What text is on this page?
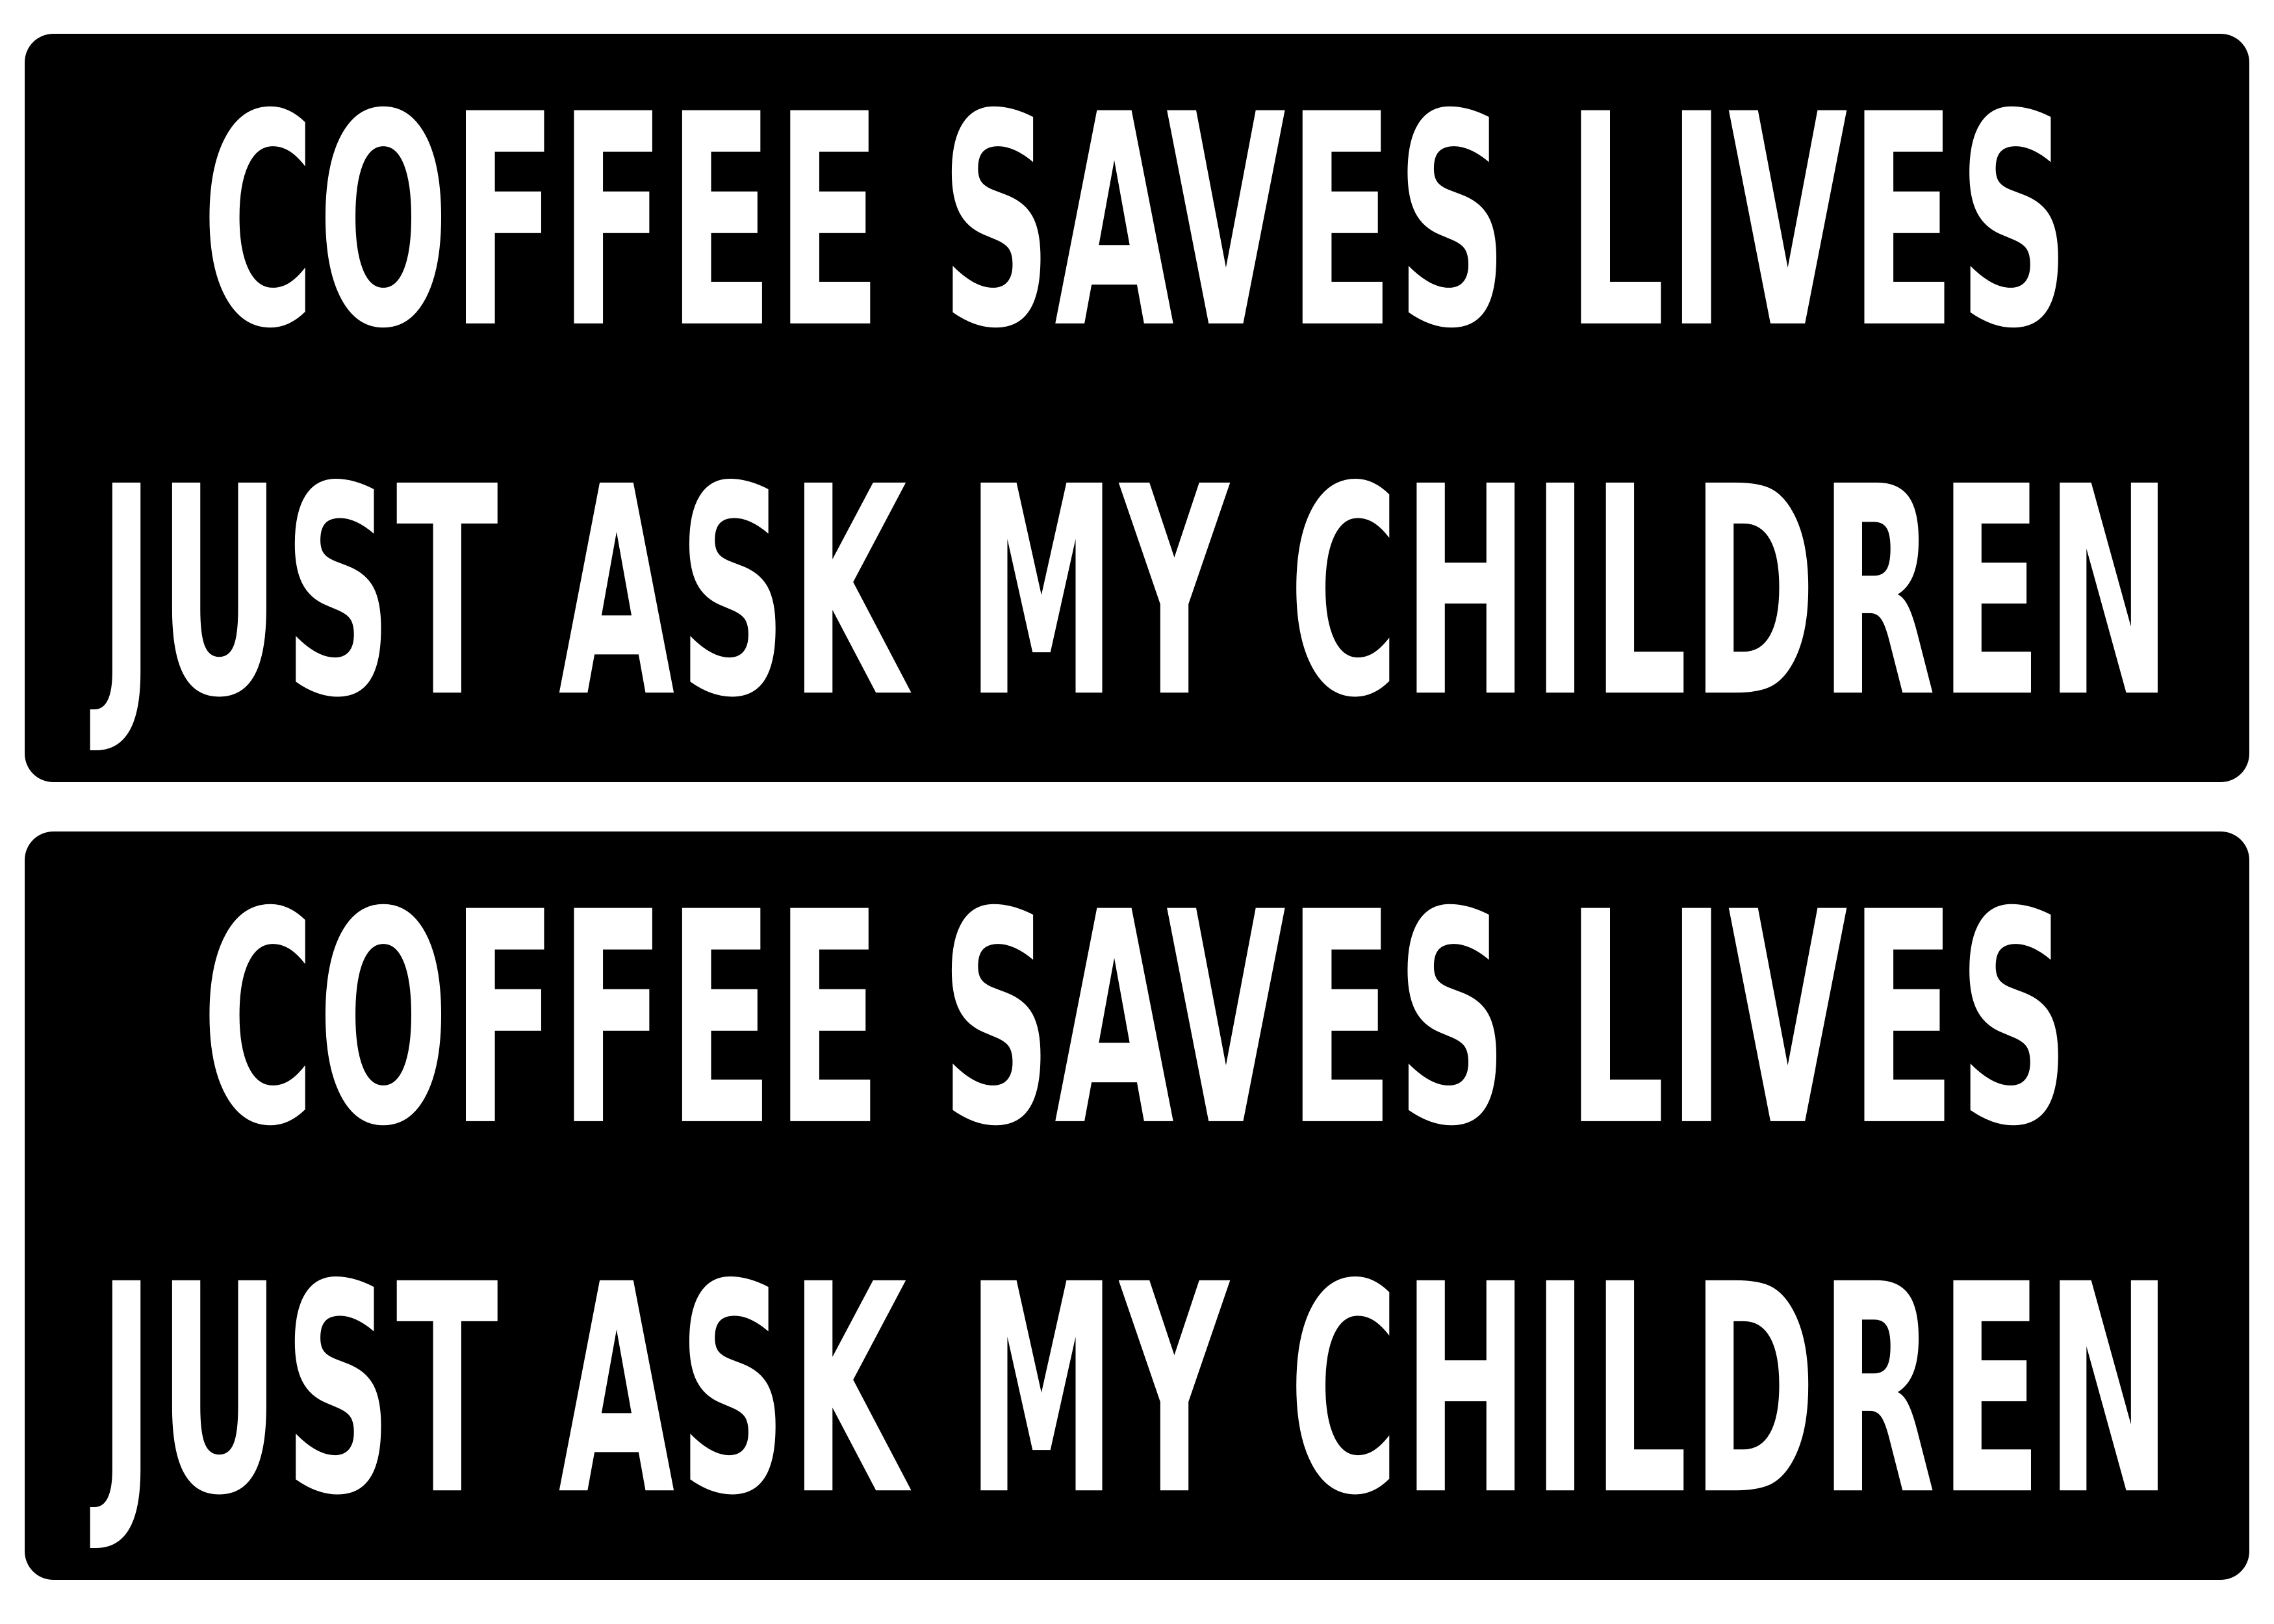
COFFEE SAVES LIVES
JUST ASK MY CHILDREN
COFFEE SAVES LIVES
JUST ASK MY CHILDREN
